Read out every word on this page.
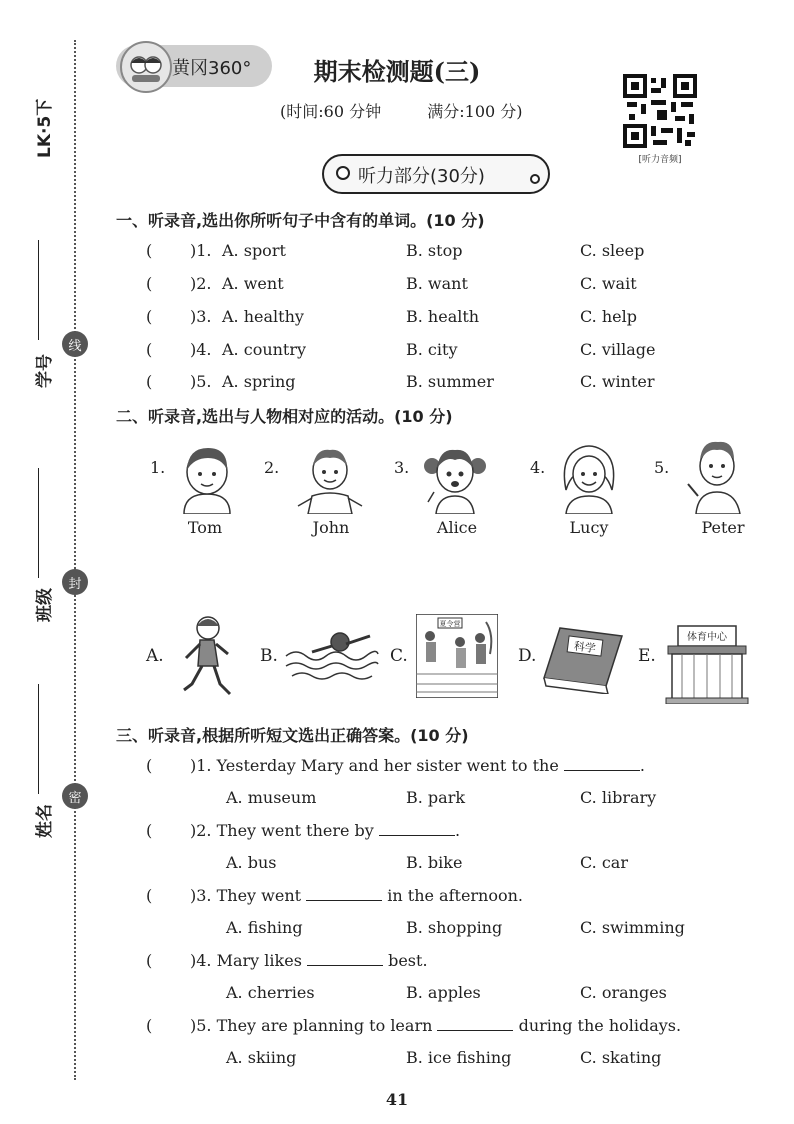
LK·5下
学号
班级
姓名
线
封
密
黄冈360°	期末检测题(三)
(时间:60 分钟	满分:100 分)
[听力音频]
听力部分(30分)
一、听录音,选出你所听句子中含有的单词。(10 分)
( )1. A. sport	B. stop	C. sleep
( )2. A. went	B. want	C. wait
( )3. A. healthy	B. health	C. help
( )4. A. country	B. city	C. village
( )5. A. spring	B. summer	C. winter
二、听录音,选出与人物相对应的活动。(10 分)
1.
Tom
2.
John
3.
Alice
4.
Lucy
5.
Peter
A.	B.	C.
夏令营
D.	科学 E.
体育中心
三、听录音,根据所听短文选出正确答案。(10 分)
( )1. Yesterday Mary and her sister went to the	.
A. museum	B. park	C. library
( )2. They went there by	.
A. bus	B. bike	C. car
( )3. They went	in the afternoon.
A. fishing	B. shopping	C. swimming
( )4. Mary likes	best.
A. cherries	B. apples	C. oranges
( )5. They are planning to learn	during the holidays.
A. skiing	B. ice fishing	C. skating
41
